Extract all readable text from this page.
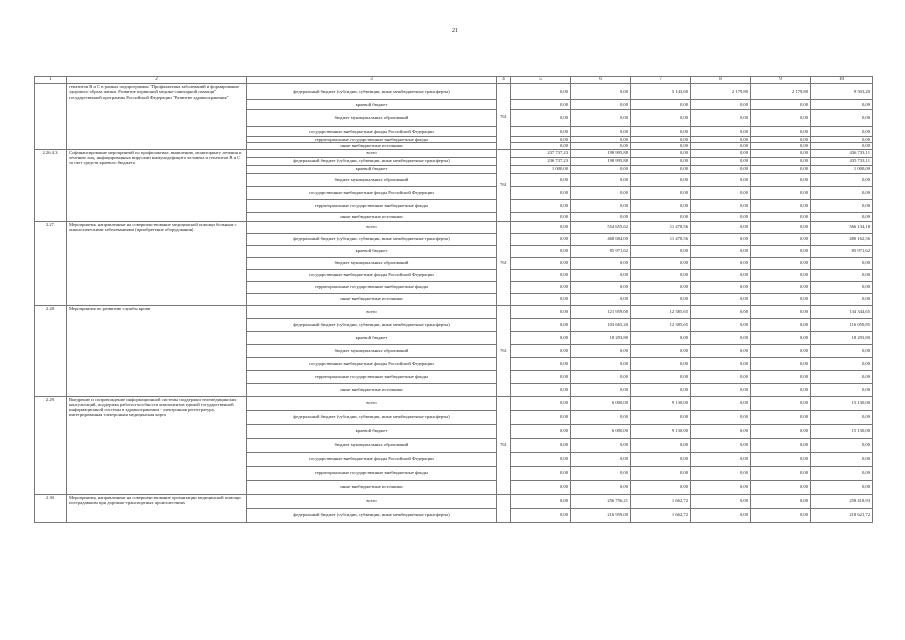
21
1	2	3	4	5	6	7	8	9	10
	гепатитов В и С в рамках подпрограммы "Профилактика заболеваний и формирование здорового образа жизни. Развитие первичной медико-санитарной помощи" государственной программы Российской Федерации "Развитие здравоохранения"	федеральный бюджет (субсидии, субвенции, иные межбюджетные трансферты)	761	0,00	0,00	5 143,60	2 179,80	2 179,80	9 503,20
		краевой бюджет		0,00	0,00	0,00	0,00	0,00	0,00
		бюджет муниципальных образований		0,00	0,00	0,00	0,00	0,00	0,00
		государственные внебюджетные фонды Российской Федерации		0,00	0,00	0,00	0,00	0,00	0,00
		территориальные государственные внебюджетные фонды		0,00	0,00	0,00	0,00	0,00	0,00
		иные внебюджетные источники		0,00	0,00	0,00	0,00	0,00	0,00
2.26.4.3.	Софинансирование мероприятий по профилактике, выявлению, мониторингу лечения и лечению лиц, инфицированных вирусами иммунодефицита человека и гепатитов В и С за счет средств краевого бюджета	всего	761	237 737,23	198 995,88	0,00	0,00	0,00	436 733,11
		федеральный бюджет (субсидии, субвенции, иные межбюджетные трансферты)		236 737,23	198 995,88	0,00	0,00	0,00	435 733,11
		краевой бюджет		1 000,00	0,00	0,00	0,00	0,00	1 000,00
		бюджет муниципальных образований		0,00	0,00	0,00	0,00	0,00	0,00
		государственные внебюджетные фонды Российской Федерации		0,00	0,00	0,00	0,00	0,00	0,00
		территориальные государственные внебюджетные фонды		0,00	0,00	0,00	0,00	0,00	0,00
		иные внебюджетные источники		0,00	0,00	0,00	0,00	0,00	0,00
2.27.	Мероприятия, направленные на совершенствование медицинской помощи больным с онкологическими заболеваниями (приобретение оборудования)	всего	761	0,00	554 655,62	11 478,56	0,00	0,00	566 134,18
		федеральный бюджет (субсидии, субвенции, иные межбюджетные трансферты)		0,00	468 684,00	11 478,56	0,00	0,00	480 162,56
		краевой бюджет		0,00	85 971,62	0,00	0,00	0,00	85 971,62
		бюджет муниципальных образований		0,00	0,00	0,00	0,00	0,00	0,00
		государственные внебюджетные фонды Российской Федерации		0,00	0,00	0,00	0,00	0,00	0,00
		территориальные государственные внебюджетные фонды		0,00	0,00	0,00	0,00	0,00	0,00
		иные внебюджетные источники		0,00	0,00	0,00	0,00	0,00	0,00
2.28.	Мероприятия по развитию службы крови	всего	761	0,00	121 959,00	12 385,65	0,00	0,00	134 344,65
		федеральный бюджет (субсидии, субвенции, иные межбюджетные трансферты)		0,00	103 665,20	12 385,65	0,00	0,00	116 050,85
		краевой бюджет		0,00	18 293,80	0,00	0,00	0,00	18 293,80
		бюджет муниципальных образований		0,00	0,00	0,00	0,00	0,00	0,00
		государственные внебюджетные фонды Российской Федерации		0,00	0,00	0,00	0,00	0,00	0,00
		территориальные государственные внебюджетные фонды		0,00	0,00	0,00	0,00	0,00	0,00
		иные внебюджетные источники		0,00	0,00	0,00	0,00	0,00	0,00
2.29.	Внедрение и сопровождение информационной системы поддержки телемедицинских консультаций, поддержка работоспособности компонентов единой государственной информационной системы в здравоохранении - электронная регистратура, интегрированная электронная медицинская карта	всего	761	0,00	6 000,00	9 130,00	0,00	0,00	15 130,00
		федеральный бюджет (субсидии, субвенции, иные межбюджетные трансферты)		0,00	0,00	0,00	0,00	0,00	0,00
		краевой бюджет		0,00	6 000,00	9 130,00	0,00	0,00	15 130,00
		бюджет муниципальных образований		0,00	0,00	0,00	0,00	0,00	0,00
		государственные внебюджетные фонды Российской Федерации		0,00	0,00	0,00	0,00	0,00	0,00
		территориальные государственные внебюджетные фонды		0,00	0,00	0,00	0,00	0,00	0,00
		иные внебюджетные источники		0,00	0,00	0,00	0,00	0,00	0,00
2.30.	Мероприятия, направленные на совершенствование организации медицинской помощи пострадавшим при дорожно-транспортных происшествиях	всего		0,00	256 756,21	1 662,72	0,00	0,00	258 418,93
		федеральный бюджет (субсидии, субвенции, иные межбюджетные трансферты)		0,00	216 959,00	1 662,72	0,00	0,00	218 621,72
